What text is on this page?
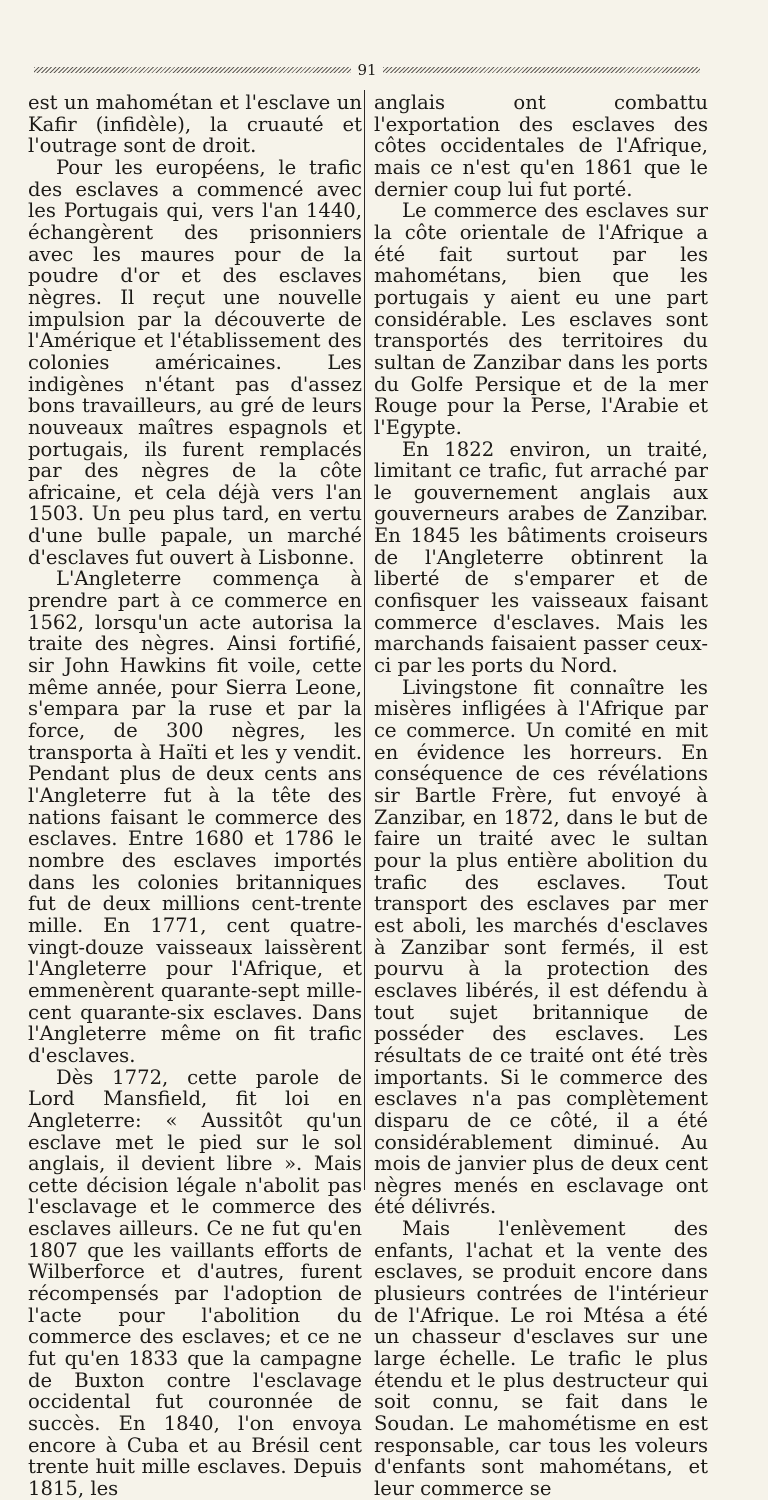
91

est un mahométan et l'esclave un Kafir (infidèle), la cruauté et l'outrage sont de droit.

Pour les européens, le trafic des esclaves a commencé avec les Portugais qui, vers l'an 1440, échangèrent des prisonniers avec les maures pour de la poudre d'or et des esclaves nègres. Il reçut une nouvelle impulsion par la découverte de l'Amérique et l'établissement des colonies américaines. Les indigènes n'étant pas d'assez bons travailleurs, au gré de leurs nouveaux maîtres espagnols et portugais, ils furent remplacés par des nègres de la côte africaine, et cela déjà vers l'an 1503. Un peu plus tard, en vertu d'une bulle papale, un marché d'esclaves fut ouvert à Lisbonne.

L'Angleterre commença à prendre part à ce commerce en 1562, lorsqu'un acte autorisa la traite des nègres. Ainsi fortifié, sir John Hawkins fit voile, cette même année, pour Sierra Leone, s'empara par la ruse et par la force, de 300 nègres, les transporta à Haïti et les y vendit. Pendant plus de deux cents ans l'Angleterre fut à la tête des nations faisant le commerce des esclaves. Entre 1680 et 1786 le nombre des esclaves importés dans les colonies britanniques fut de deux millions cent-trente mille. En 1771, cent quatre-vingt-douze vaisseaux laissèrent l'Angleterre pour l'Afrique, et emmenèrent quarante-sept mille-cent quarante-six esclaves. Dans l'Angleterre même on fit trafic d'esclaves.

Dès 1772, cette parole de Lord Mansfield, fit loi en Angleterre: « Aussitôt qu'un esclave met le pied sur le sol anglais, il devient libre ». Mais cette décision légale n'abolit pas l'esclavage et le commerce des esclaves ailleurs. Ce ne fut qu'en 1807 que les vaillants efforts de Wilberforce et d'autres, furent récompensés par l'adoption de l'acte pour l'abolition du commerce des esclaves; et ce ne fut qu'en 1833 que la campagne de Buxton contre l'esclavage occidental fut couronnée de succès. En 1840, l'on envoya encore à Cuba et au Brésil cent trente huit mille esclaves. Depuis 1815, les

anglais ont combattu l'exportation des esclaves des côtes occidentales de l'Afrique, mais ce n'est qu'en 1861 que le dernier coup lui fut porté.

Le commerce des esclaves sur la côte orientale de l'Afrique a été fait surtout par les mahométans, bien que les portugais y aient eu une part considérable. Les esclaves sont transportés des territoires du sultan de Zanzibar dans les ports du Golfe Persique et de la mer Rouge pour la Perse, l'Arabie et l'Egypte.

En 1822 environ, un traité, limitant ce trafic, fut arraché par le gouvernement anglais aux gouverneurs arabes de Zanzibar. En 1845 les bâtiments croiseurs de l'Angleterre obtinrent la liberté de s'emparer et de confisquer les vaisseaux faisant commerce d'esclaves. Mais les marchands faisaient passer ceux-ci par les ports du Nord.

Livingstone fit connaître les misères infligées à l'Afrique par ce commerce. Un comité en mit en évidence les horreurs. En conséquence de ces révélations sir Bartle Frère, fut envoyé à Zanzibar, en 1872, dans le but de faire un traité avec le sultan pour la plus entière abolition du trafic des esclaves. Tout transport des esclaves par mer est aboli, les marchés d'esclaves à Zanzibar sont fermés, il est pourvu à la protection des esclaves libérés, il est défendu à tout sujet britannique de posséder des esclaves. Les résultats de ce traité ont été très importants. Si le commerce des esclaves n'a pas complètement disparu de ce côté, il a été considérablement diminué. Au mois de janvier plus de deux cent nègres menés en esclavage ont été délivrés.

Mais l'enlèvement des enfants, l'achat et la vente des esclaves, se produit encore dans plusieurs contrées de l'intérieur de l'Afrique. Le roi Mtésa a été un chasseur d'esclaves sur une large échelle. Le trafic le plus étendu et le plus destructeur qui soit connu, se fait dans le Soudan. Le mahométisme en est responsable, car tous les voleurs d'enfants sont mahométans, et leur commerce se
